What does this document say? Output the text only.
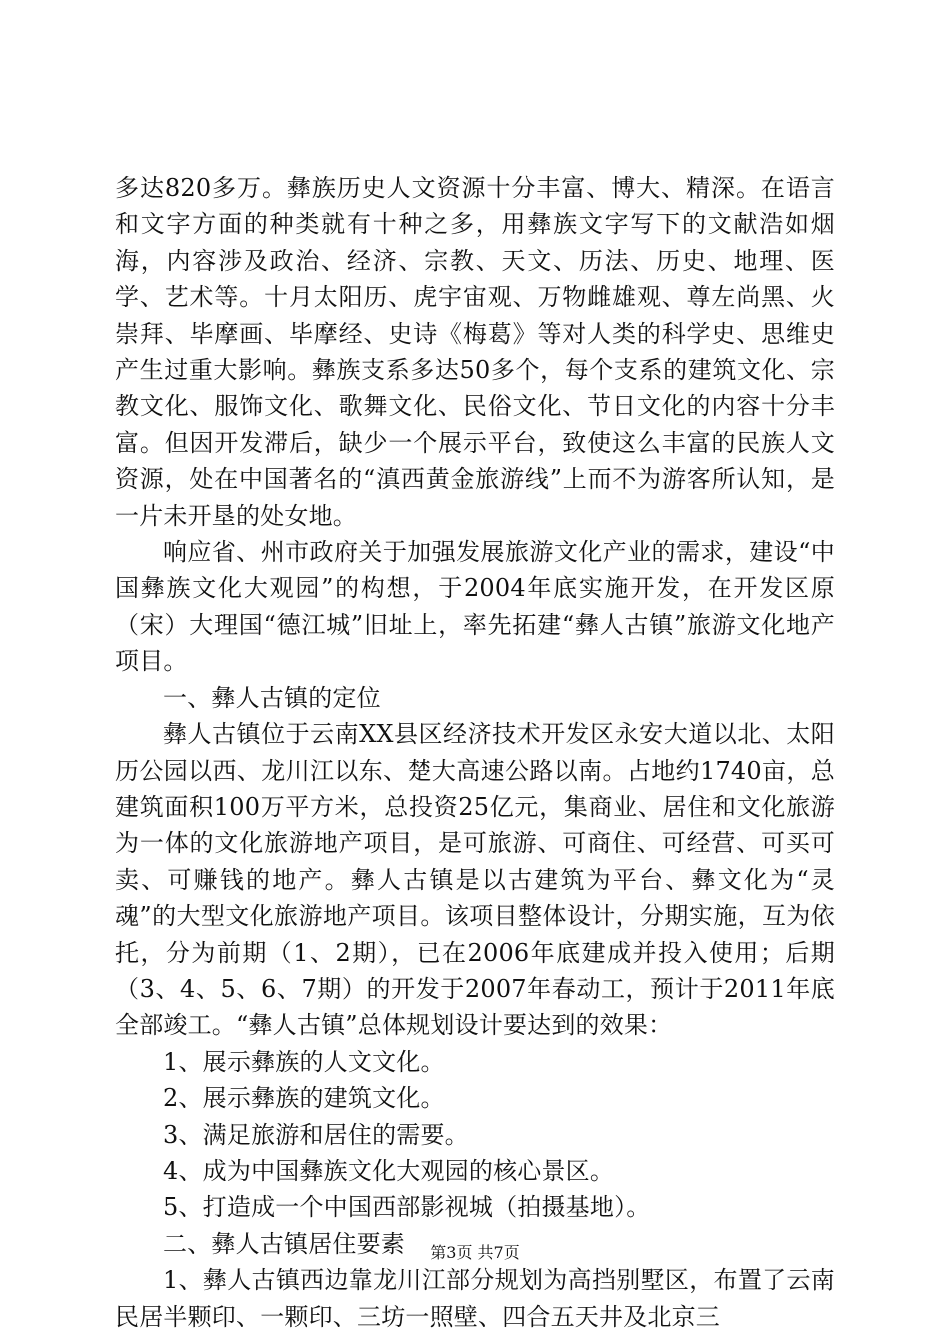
多达820多万。彝族历史人文资源十分丰富、博大、精深。在语言和文字方面的种类就有十种之多，用彝族文字写下的文献浩如烟海，内容涉及政治、经济、宗教、天文、历法、历史、地理、医学、艺术等。十月太阳历、虎宇宙观、万物雌雄观、尊左尚黑、火崇拜、毕摩画、毕摩经、史诗《梅葛》等对人类的科学史、思维史产生过重大影响。彝族支系多达50多个，每个支系的建筑文化、宗教文化、服饰文化、歌舞文化、民俗文化、节日文化的内容十分丰富。但因开发滞后，缺少一个展示平台，致使这么丰富的民族人文资源，处在中国著名的“滇西黄金旅游线”上而不为游客所认知，是一片未开垦的处女地。

响应省、州市政府关于加强发展旅游文化产业的需求，建设“中国彝族文化大观园”的构想，于2004年底实施开发，在开发区原（宋）大理国“德江城”旧址上，率先拓建“彝人古镇”旅游文化地产项目。

一、彝人古镇的定位

彝人古镇位于云南XX县区经济技术开发区永安大道以北、太阳历公园以西、龙川江以东、楚大高速公路以南。占地约1740亩，总建筑面积100万平方米，总投资25亿元，集商业、居住和文化旅游为一体的文化旅游地产项目，是可旅游、可商住、可经营、可买可卖、可赚钱的地产。彝人古镇是以古建筑为平台、彝文化为“灵魂”的大型文化旅游地产项目。该项目整体设计，分期实施，互为依托，分为前期（1、2期），已在2006年底建成并投入使用；后期（3、4、5、6、7期）的开发于2007年春动工，预计于2011年底全部竣工。“彝人古镇”总体规划设计要达到的效果：

1、展示彝族的人文文化。

2、展示彝族的建筑文化。

3、满足旅游和居住的需要。

4、成为中国彝族文化大观园的核心景区。

5、打造成一个中国西部影视城（拍摄基地）。

二、彝人古镇居住要素

1、彝人古镇西边靠龙川江部分规划为高挡别墅区，布置了云南民居半颗印、一颗印、三坊一照壁、四合五天井及北京三

第3页 共7页
